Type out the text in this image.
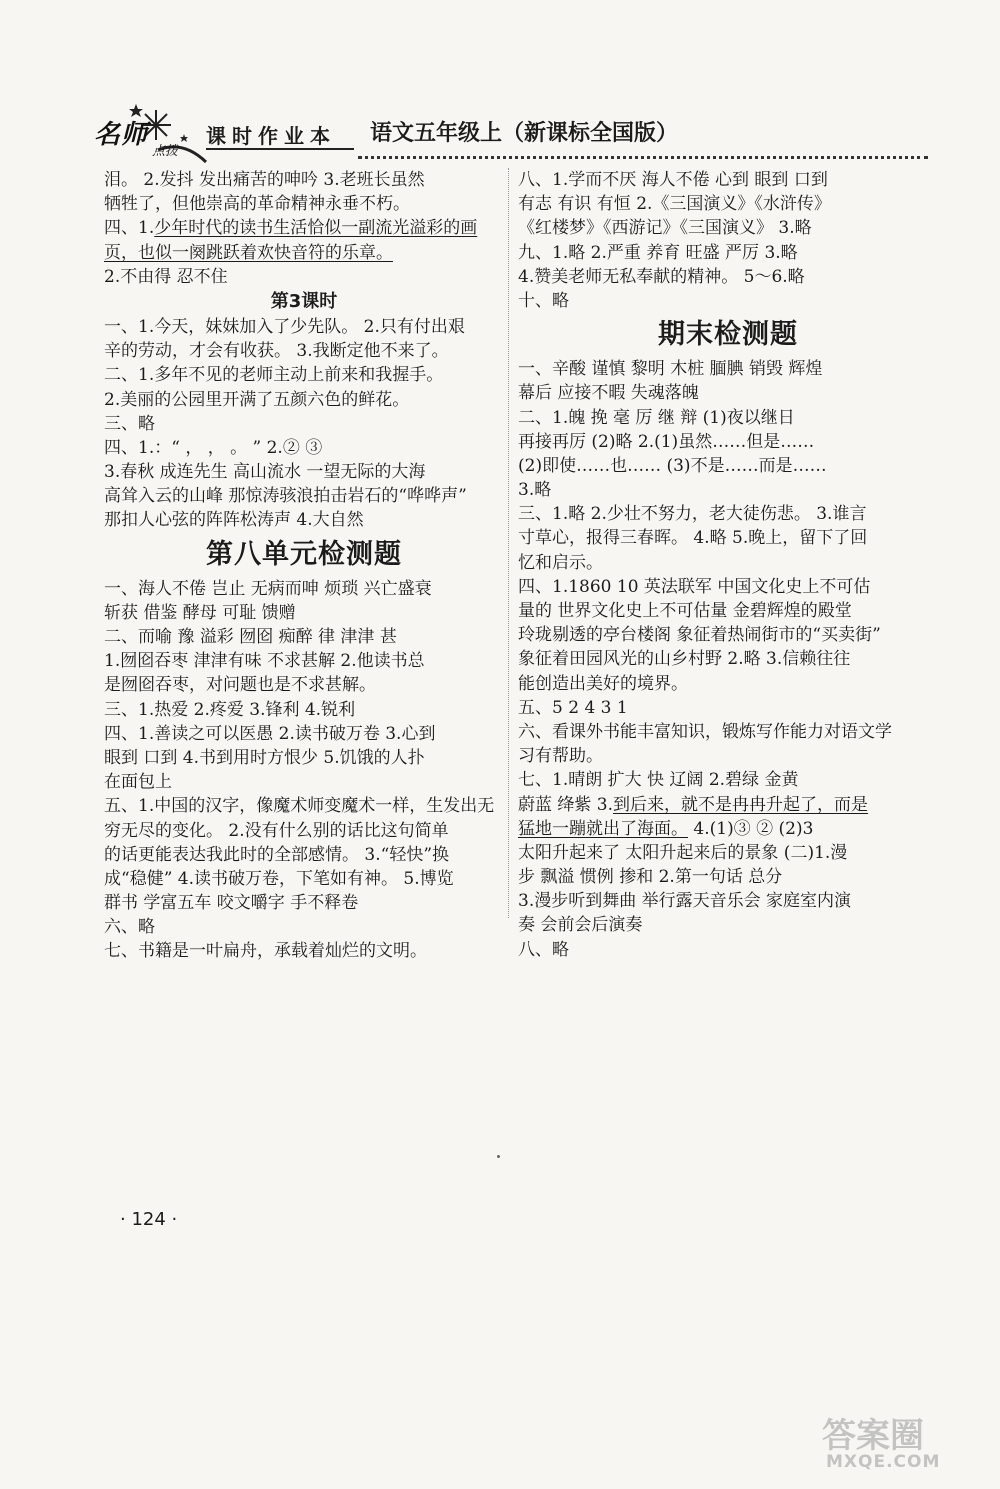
名师
点拨
课时作业本 语文五年级上（新课标全国版）
泪。 2.发抖 发出痛苦的呻吟 3.老班长虽然
牺牲了，但他崇高的革命精神永垂不朽。
四、1.少年时代的读书生活恰似一副流光溢彩的画
页，也似一阕跳跃着欢快音符的乐章。
2.不由得 忍不住
第3课时
一、1.今天，妹妹加入了少先队。 2.只有付出艰
辛的劳动，才会有收获。 3.我断定他不来了。
二、1.多年不见的老师主动上前来和我握手。
2.美丽的公园里开满了五颜六色的鲜花。
三、略
四、1.：“ ， ， 。 ” 2.② ③
3.春秋 成连先生 高山流水 一望无际的大海
高耸入云的山峰 那惊涛骇浪拍击岩石的“哗哗声”
那扣人心弦的阵阵松涛声 4.大自然
第八单元检测题
一、海人不倦 岂止 无病而呻 烦琐 兴亡盛衰
斩获 借鉴 酵母 可耻 馈赠
二、而喻 豫 溢彩 囫囵 痴醉 律 津津 甚
1.囫囵吞枣 津津有味 不求甚解 2.他读书总
是囫囵吞枣，对问题也是不求甚解。
三、1.热爱 2.疼爱 3.锋利 4.锐利
四、1.善读之可以医愚 2.读书破万卷 3.心到
眼到 口到 4.书到用时方恨少 5.饥饿的人扑
在面包上
五、1.中国的汉字，像魔术师变魔术一样，生发出无
穷无尽的变化。 2.没有什么别的话比这句简单
的话更能表达我此时的全部感情。 3.“轻快”换
成“稳健” 4.读书破万卷，下笔如有神。 5.博览
群书 学富五车 咬文嚼字 手不释卷
六、略
七、书籍是一叶扁舟，承载着灿烂的文明。
八、1.学而不厌 海人不倦 心到 眼到 口到
有志 有识 有恒 2.《三国演义》《水浒传》
《红楼梦》《西游记》《三国演义》 3.略
九、1.略 2.严重 养育 旺盛 严厉 3.略
4.赞美老师无私奉献的精神。 5～6.略
十、略
期末检测题
一、辛酸 谨慎 黎明 木桩 腼腆 销毁 辉煌
幕后 应接不暇 失魂落魄
二、1.魄 挽 毫 厉 继 辩 (1)夜以继日
再接再厉 (2)略 2.(1)虽然……但是……
(2)即使……也…… (3)不是……而是……
3.略
三、1.略 2.少壮不努力，老大徒伤悲。 3.谁言
寸草心，报得三春晖。 4.略 5.晚上，留下了回
忆和启示。
四、1.1860 10 英法联军 中国文化史上不可估
量的 世界文化史上不可估量 金碧辉煌的殿堂
玲珑剔透的亭台楼阁 象征着热闹街市的“买卖街”
象征着田园风光的山乡村野 2.略 3.信赖往往
能创造出美好的境界。
五、5 2 4 3 1
六、看课外书能丰富知识，锻炼写作能力对语文学
习有帮助。
七、1.晴朗 扩大 快 辽阔 2.碧绿 金黄
蔚蓝 绛紫 3.到后来，就不是冉冉升起了，而是
猛地一蹦就出了海面。 4.(1)③ ② (2)3
太阳升起来了 太阳升起来后的景象 (二)1.漫
步 飘溢 惯例 掺和 2.第一句话 总分
3.漫步听到舞曲 举行露天音乐会 家庭室内演
奏 会前会后演奏
八、略
· 124 ·
答案圈
MXQE.COM
